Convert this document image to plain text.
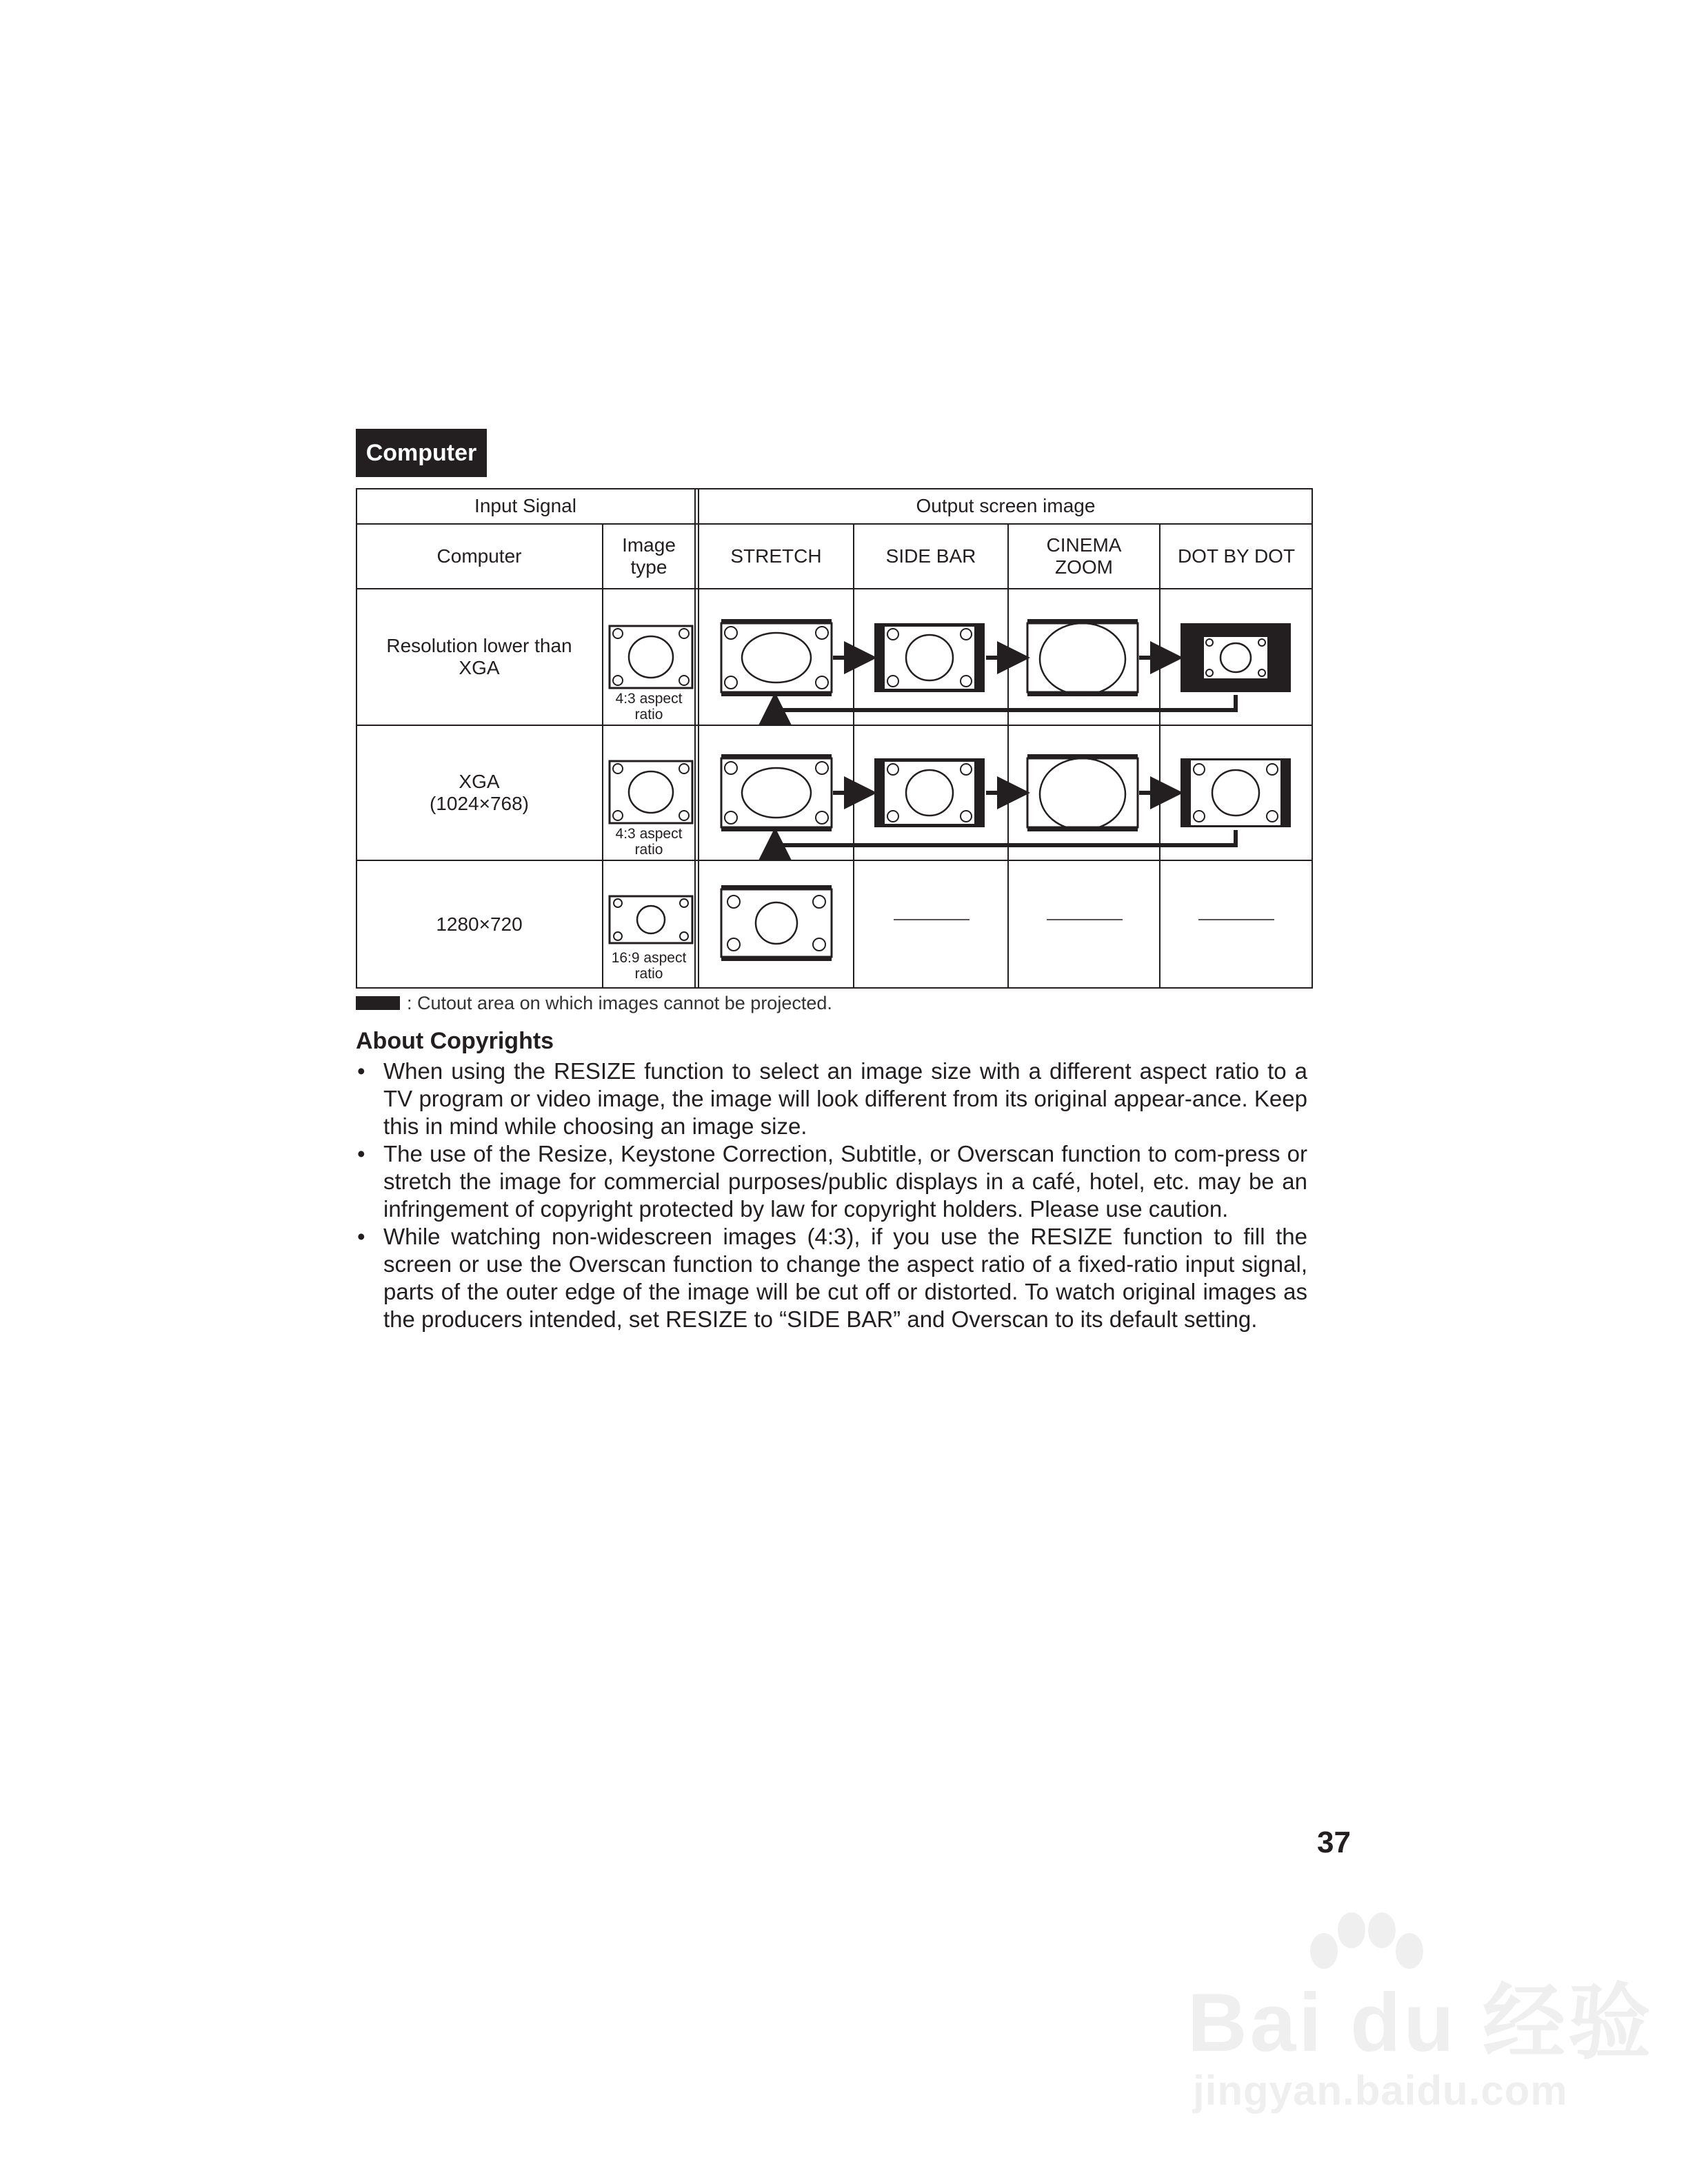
Computer
Input Signal	Output screen image
Computer
Image
type
STRETCH	SIDE BAR
CINEMA
ZOOM
DOT BY DOT
Resolution lower than
XGA
XGA
(1024×768)
1280×720
4:3 aspect
ratio
4:3 aspect
ratio
16:9 aspect
ratio
: Cutout area on which images cannot be projected.
About Copyrights
• When using the RESIZE function to select an image size with a different aspect ratio to a TV program or video image, the image will look different from its original appear-ance. Keep this in mind while choosing an image size.
• The use of the Resize, Keystone Correction, Subtitle, or Overscan function to com-press or stretch the image for commercial purposes/public displays in a café, hotel, etc. may be an infringement of copyright protected by law for copyright holders. Please use caution.
• While watching non-widescreen images (4:3), if you use the RESIZE function to fill the screen or use the Overscan function to change the aspect ratio of a fixed-ratio input signal, parts of the outer edge of the image will be cut off or distorted. To watch original images as the producers intended, set RESIZE to “SIDE BAR” and Overscan to its default setting.
37
Bai du 经验
jingyan.baidu.com
